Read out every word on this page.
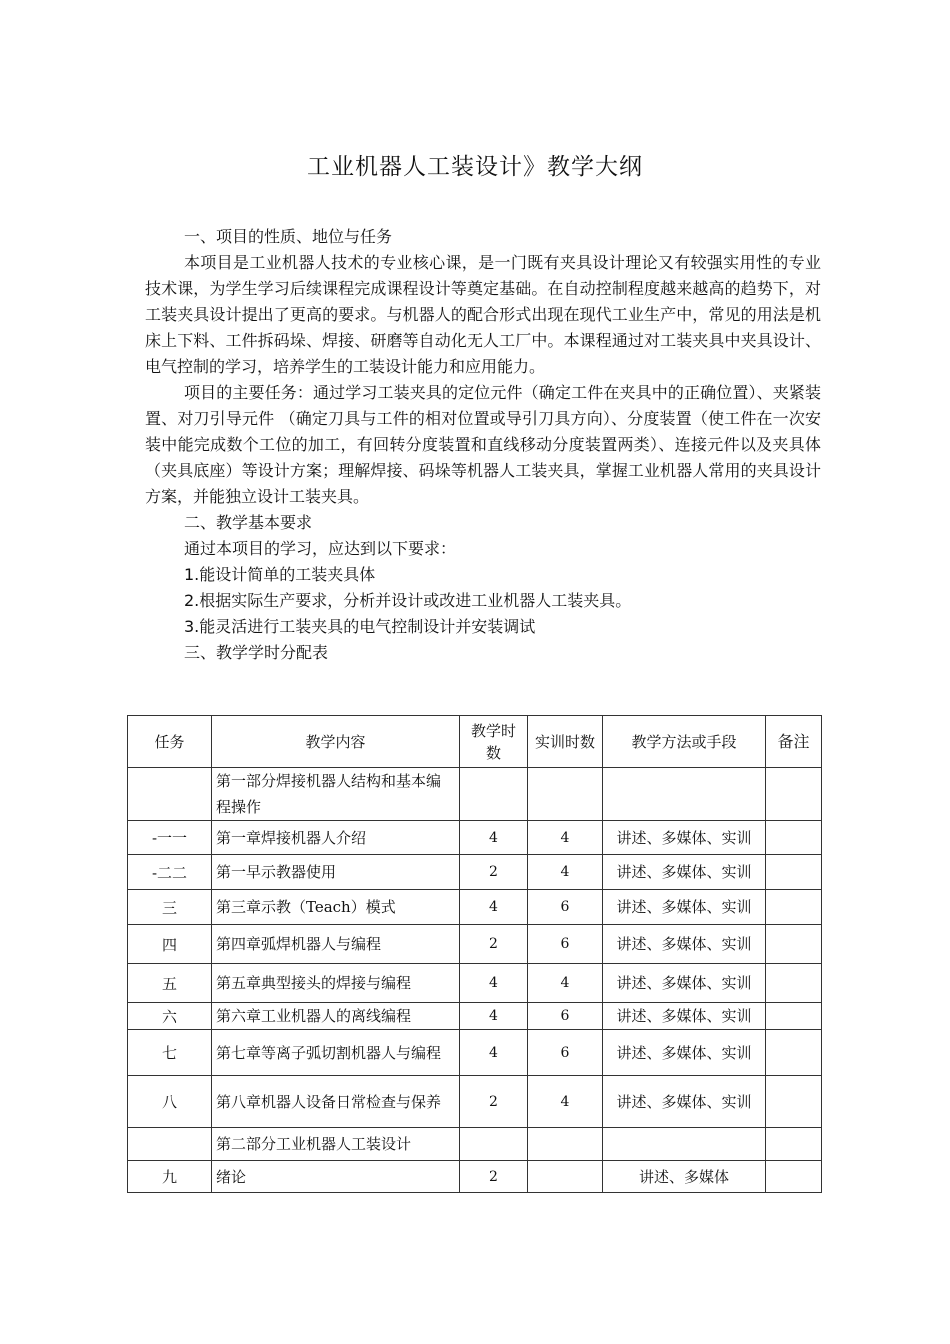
工业机器人工装设计》教学大纲

一、项目的性质、地位与任务

本项目是工业机器人技术的专业核心课，是一门既有夹具设计理论又有较强实用性的专业技术课，为学生学习后续课程完成课程设计等奠定基础。在自动控制程度越来越高的趋势下，对工装夹具设计提出了更高的要求。与机器人的配合形式出现在现代工业生产中，常见的用法是机床上下料、工件拆码垛、焊接、研磨等自动化无人工厂中。本课程通过对工装夹具中夹具设计、电气控制的学习，培养学生的工装设计能力和应用能力。

项目的主要任务：通过学习工装夹具的定位元件（确定工件在夹具中的正确位置）、夹紧装置、对刀引导元件 （确定刀具与工件的相对位置或导引刀具方向）、分度装置（使工件在一次安装中能完成数个工位的加工，有回转分度装置和直线移动分度装置两类）、连接元件以及夹具体（夹具底座）等设计方案；理解焊接、码垛等机器人工装夹具，掌握工业机器人常用的夹具设计方案，并能独立设计工装夹具。

二、教学基本要求

通过本项目的学习，应达到以下要求：

1.能设计简单的工装夹具体

2.根据实际生产要求，分析并设计或改进工业机器人工装夹具。

3.能灵活进行工装夹具的电气控制设计并安装调试

三、教学学时分配表

任务	教学内容	教学时数	实训时数	教学方法或手段	备注
	第一部分焊接机器人结构和基本编程操作				
-一一	第一章焊接机器人介绍	4	4	讲述、多媒体、实训	
-二二	第一早示教器使用	2	4	讲述、多媒体、实训	
三	第三章示教（Teach）模式	4	6	讲述、多媒体、实训	
四	第四章弧焊机器人与编程	2	6	讲述、多媒体、实训	
五	第五章典型接头的焊接与编程	4	4	讲述、多媒体、实训	
六	第六章工业机器人的离线编程	4	6	讲述、多媒体、实训	
七	第七章等离子弧切割机器人与编程	4	6	讲述、多媒体、实训	
八	第八章机器人设备日常检查与保养	2	4	讲述、多媒体、实训	
	第二部分工业机器人工装设计				
九	绪论	2		讲述、多媒体	
